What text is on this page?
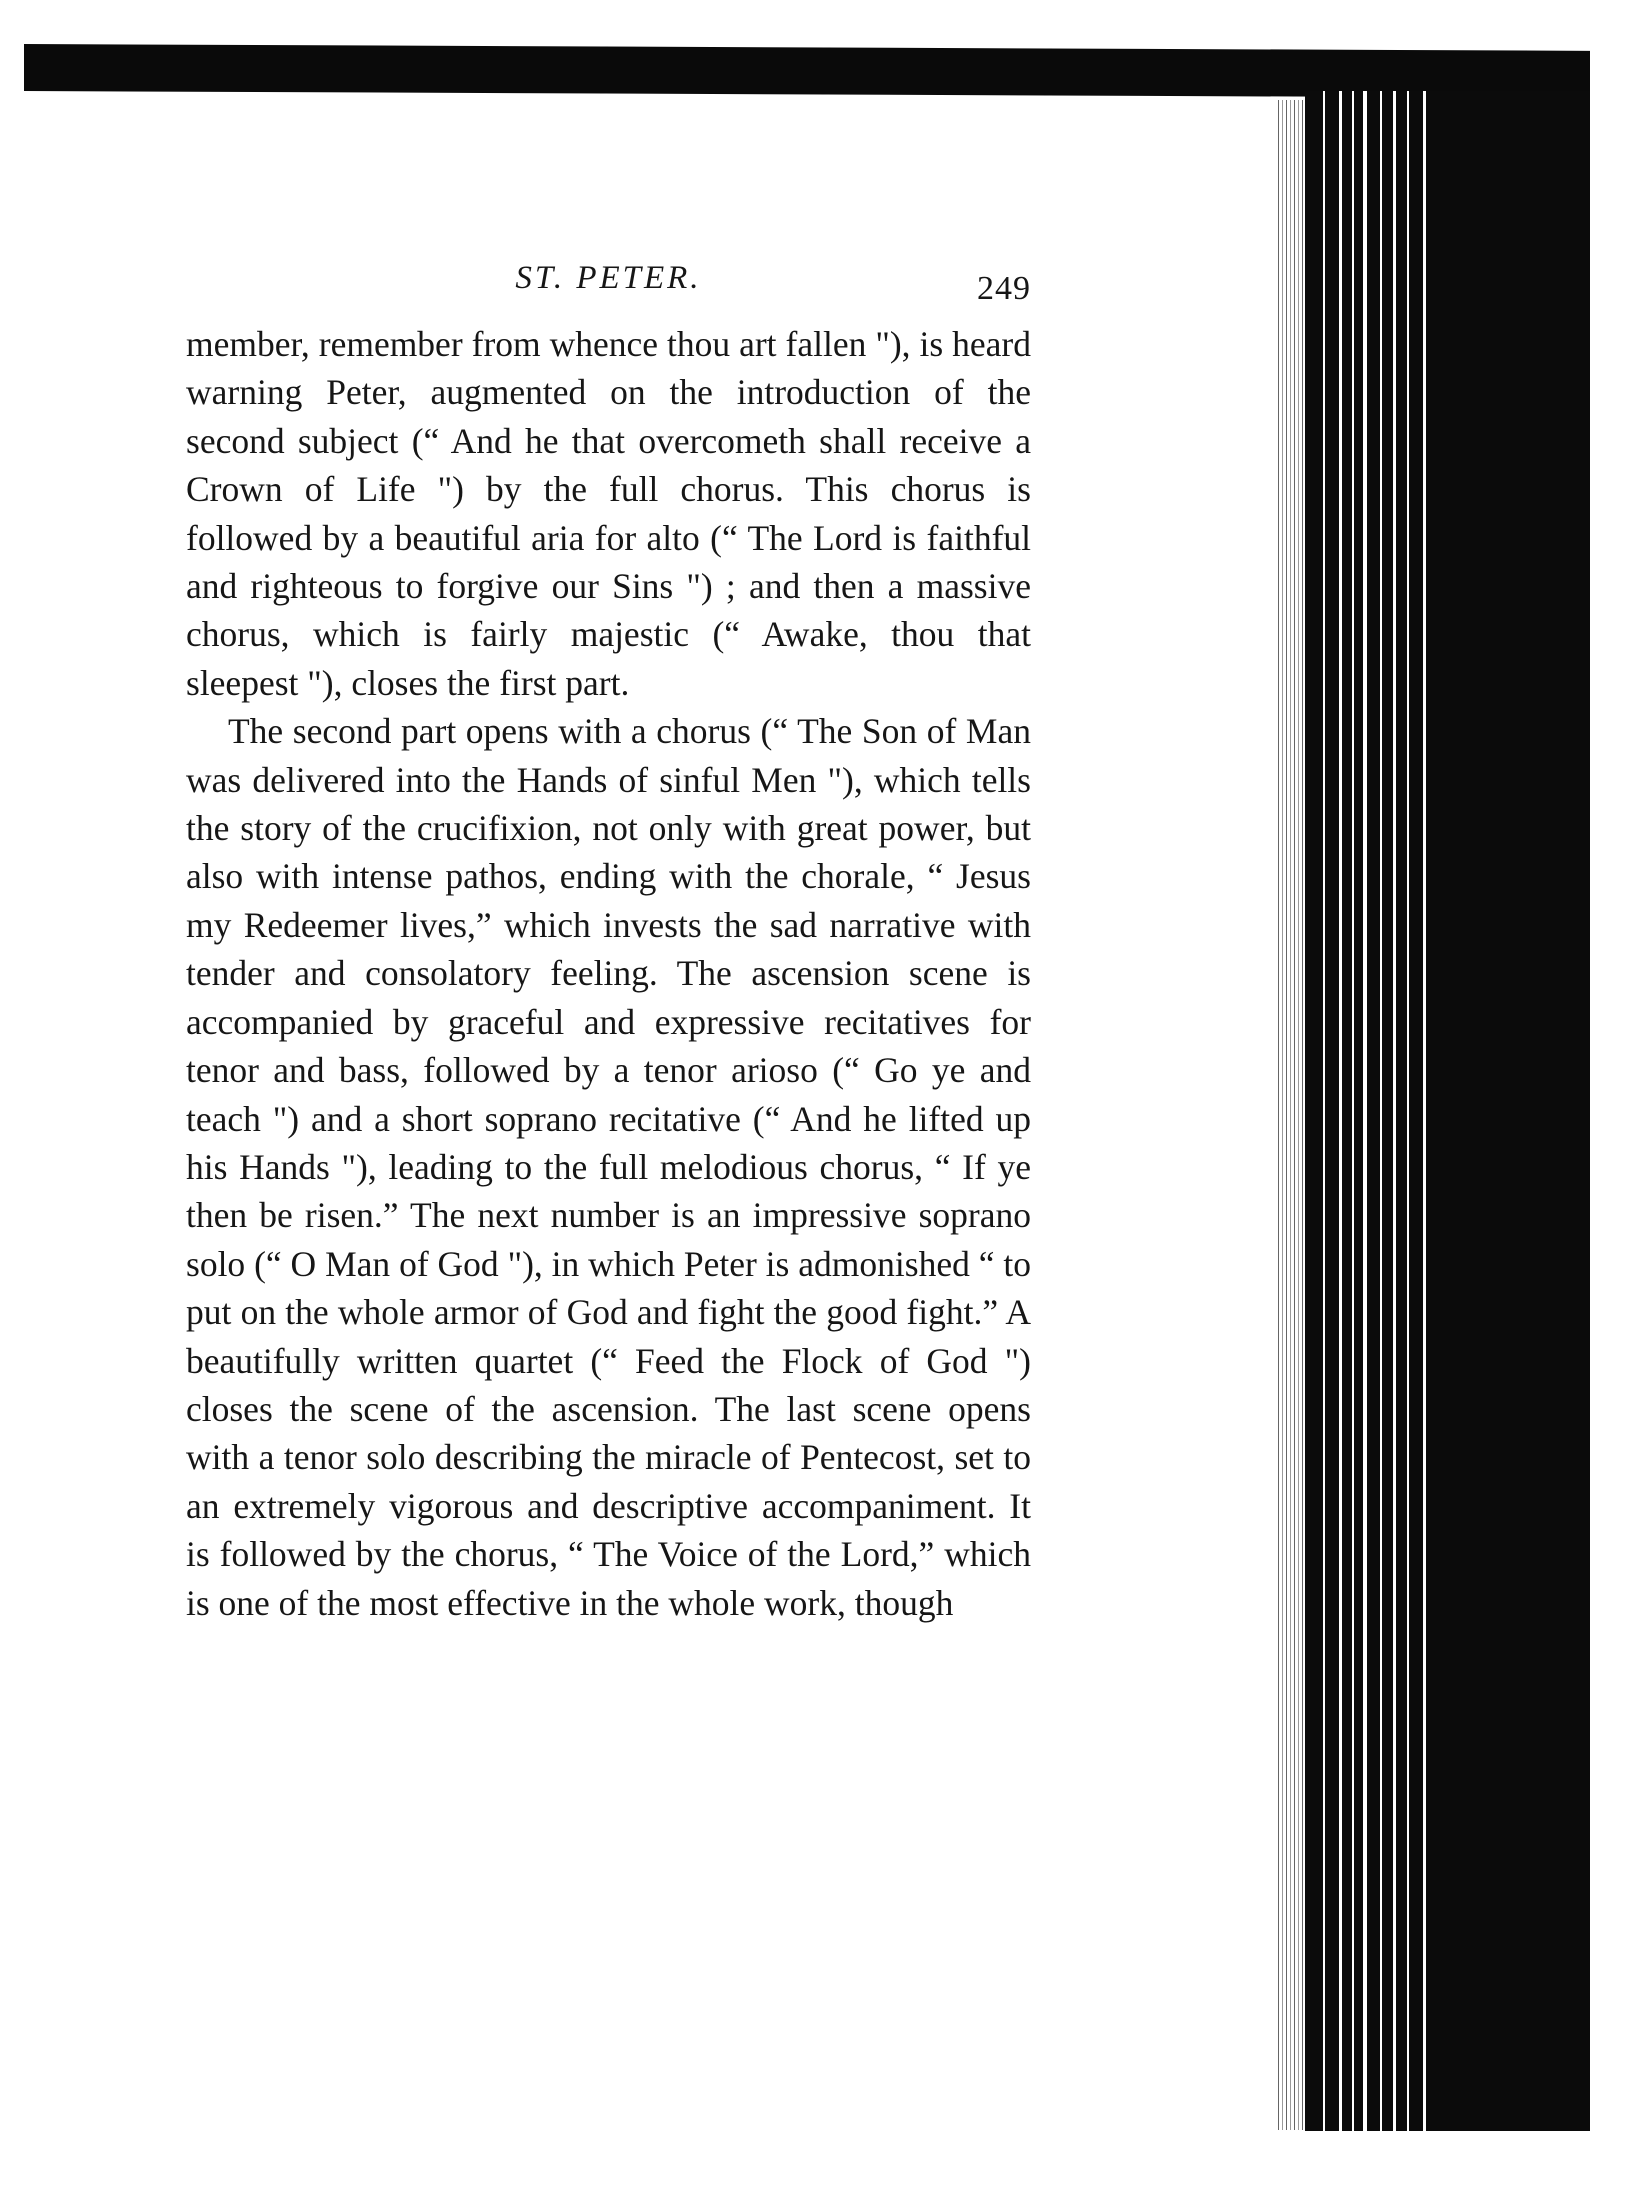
ST. PETER.	249

member, remember from whence thou art fallen "), is heard warning Peter, augmented on the introduction of the second subject (“ And he that overcometh shall receive a Crown of Life ") by the full chorus. This chorus is followed by a beautiful aria for alto (“ The Lord is faithful and righteous to forgive our Sins ") ; and then a massive chorus, which is fairly majestic (“ Awake, thou that sleepest "), closes the first part.

The second part opens with a chorus (“ The Son of Man was delivered into the Hands of sinful Men "), which tells the story of the crucifixion, not only with great power, but also with intense pathos, ending with the chorale, “ Jesus my Redeemer lives,” which invests the sad narrative with tender and consolatory feeling. The ascension scene is accompanied by graceful and expressive recitatives for tenor and bass, followed by a tenor arioso (“ Go ye and teach ") and a short soprano recitative (“ And he lifted up his Hands "), leading to the full melodious chorus, “ If ye then be risen.” The next number is an impressive soprano solo (“ O Man of God "), in which Peter is admonished “ to put on the whole armor of God and fight the good fight.” A beautifully written quartet (“ Feed the Flock of God ") closes the scene of the ascension. The last scene opens with a tenor solo describing the miracle of Pentecost, set to an extremely vigorous and descriptive accompaniment. It is followed by the chorus, “ The Voice of the Lord,” which is one of the most effective in the whole work, though
